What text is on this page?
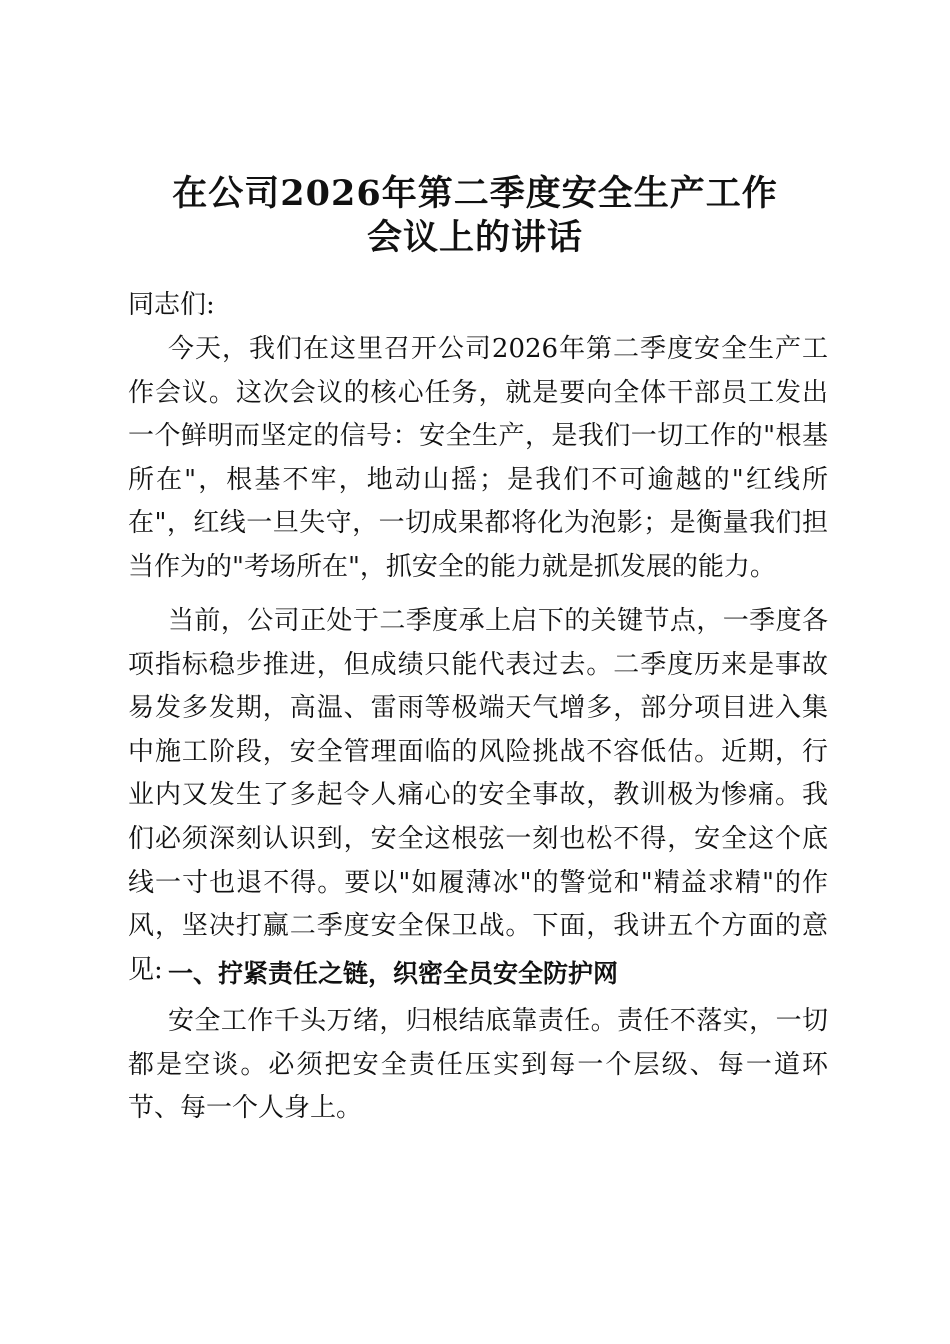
在公司2026年第二季度安全生产工作
会议上的讲话

同志们:

今天，我们在这里召开公司2026年第二季度安全生产工作会议。这次会议的核心任务，就是要向全体干部员工发出一个鲜明而坚定的信号：安全生产，是我们一切工作的"根基所在"，根基不牢，地动山摇；是我们不可逾越的"红线所在"，红线一旦失守，一切成果都将化为泡影；是衡量我们担当作为的"考场所在"，抓安全的能力就是抓发展的能力。

当前，公司正处于二季度承上启下的关键节点，一季度各项指标稳步推进，但成绩只能代表过去。二季度历来是事故易发多发期，高温、雷雨等极端天气增多，部分项目进入集中施工阶段，安全管理面临的风险挑战不容低估。近期，行业内又发生了多起令人痛心的安全事故，教训极为惨痛。我们必须深刻认识到，安全这根弦一刻也松不得，安全这个底线一寸也退不得。要以"如履薄冰"的警觉和"精益求精"的作风，坚决打赢二季度安全保卫战。下面，我讲五个方面的意见: 一、拧紧责任之链，织密全员安全防护网

安全工作千头万绪，归根结底靠责任。责任不落实，一切都是空谈。必须把安全责任压实到每一个层级、每一道环节、每一个人身上。
